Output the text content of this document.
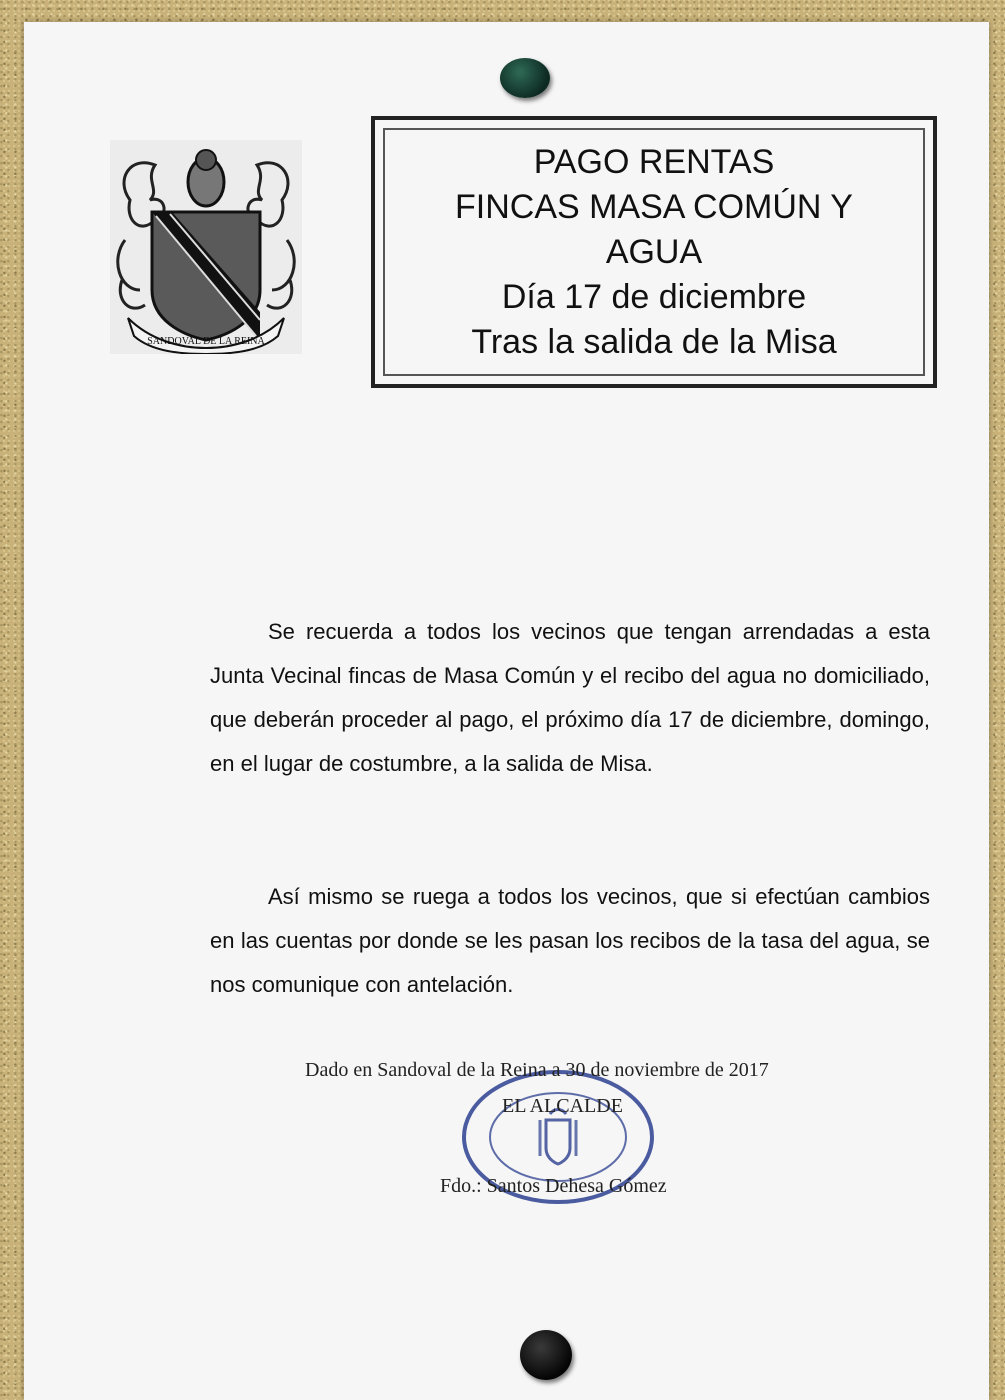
SANDOVAL DE LA REINA
PAGO RENTAS
FINCAS MASA COMÚN Y
AGUA
Día 17 de diciembre
Tras la salida de la Misa
Se recuerda a todos los vecinos que tengan arrendadas a esta Junta Vecinal fincas de Masa Común y el recibo del agua no domiciliado, que deberán proceder al pago, el próximo día 17 de diciembre, domingo, en el lugar de costumbre, a la salida de Misa.
Así mismo se ruega a todos los vecinos, que si efectúan cambios en las cuentas por donde se les pasan los recibos de la tasa del agua, se nos comunique con antelación.
Dado en Sandoval de la Reina a 30 de noviembre de 2017
EL ALCALDE
Fdo.: Santos Dehesa Gómez
